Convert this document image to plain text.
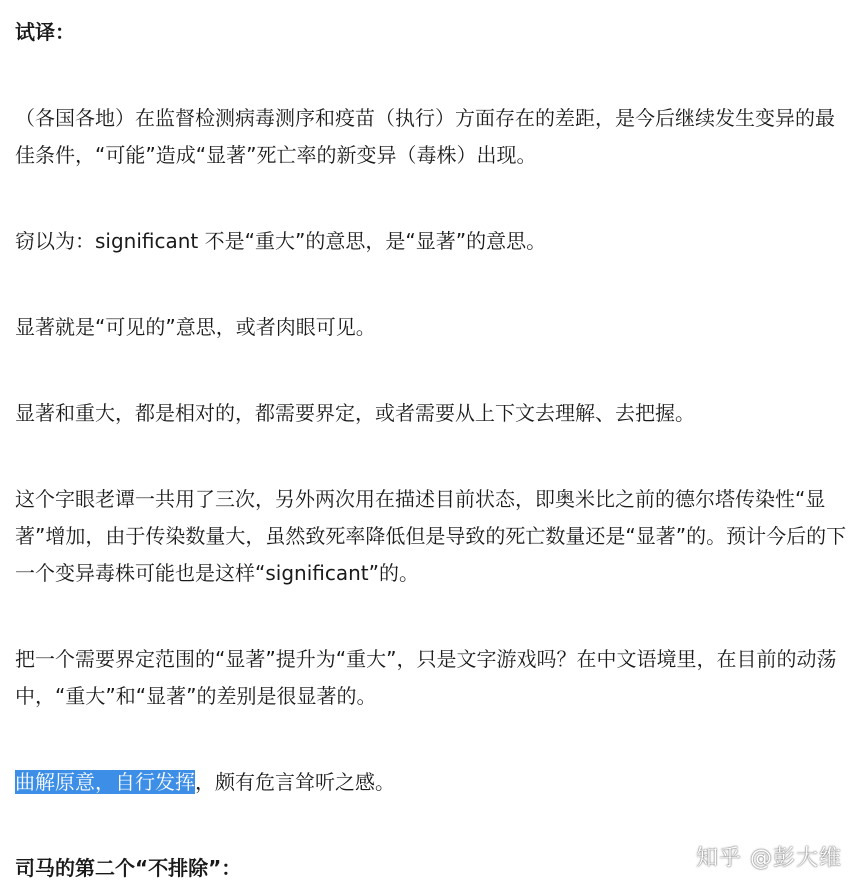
试译：

（各国各地）在监督检测病毒测序和疫苗（执行）方面存在的差距，是今后继续发生变异的最佳条件，“可能”造成“显著”死亡率的新变异（毒株）出现。

窃以为：significant 不是“重大”的意思，是“显著”的意思。

显著就是“可见的”意思，或者肉眼可见。

显著和重大，都是相对的，都需要界定，或者需要从上下文去理解、去把握。

这个字眼老谭一共用了三次，另外两次用在描述目前状态，即奥米比之前的德尔塔传染性“显著”增加，由于传染数量大，虽然致死率降低但是导致的死亡数量还是“显著”的。预计今后的下一个变异毒株可能也是这样“significant”的。

把一个需要界定范围的“显著”提升为“重大”，只是文字游戏吗？在中文语境里，在目前的动荡中，“重大”和“显著”的差别是很显著的。

曲解原意，自行发挥，颇有危言耸听之感。

司马的第二个“不排除”：	知乎 @彭大维
